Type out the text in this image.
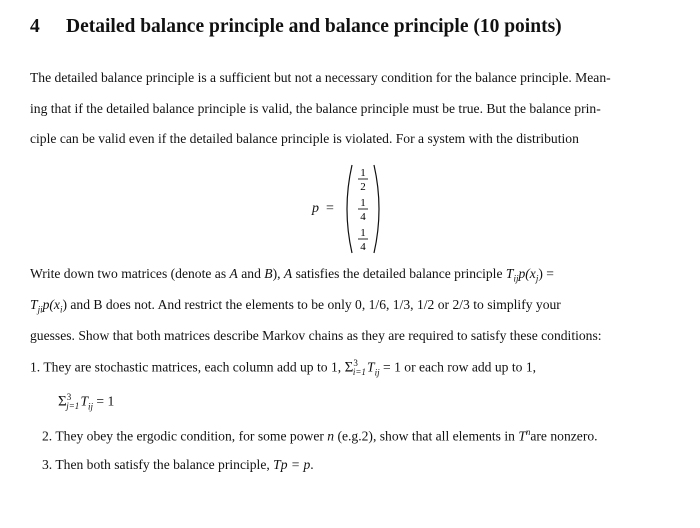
4 Detailed balance principle and balance principle (10 points)
The detailed balance principle is a sufficient but not a necessary condition for the balance principle. Mean-
ing that if the detailed balance principle is valid, the balance principle must be true. But the balance prin-
ciple can be valid even if the detailed balance principle is violated. For a system with the distribution
p =
1
2
1
4
1
4
Write down two matrices (denote as A and B), A satisfies the detailed balance principle $T_{ij}p(x_j)$ =
$T_{ji}p(x_i)$ and B does not. And restrict the elements to be only 0, 1/6, 1/3, 1/2 or 2/3 to simplify your
guesses. Show that both matrices describe Markov chains as they are required to satisfy these conditions:
1. They are stochastic matrices, each column add up to 1, $\Sigma^3_{i=1}$ $T_{ij} = 1$ or each row add up to 1,
$\Sigma^3_{j=1}$ $T_{ij} = 1$
2. They obey the ergodic condition, for some power n (e.g.2), show that all elements in $T^nare$ nonzero.
3. Then both satisfy the balance principle, Tp = p.
